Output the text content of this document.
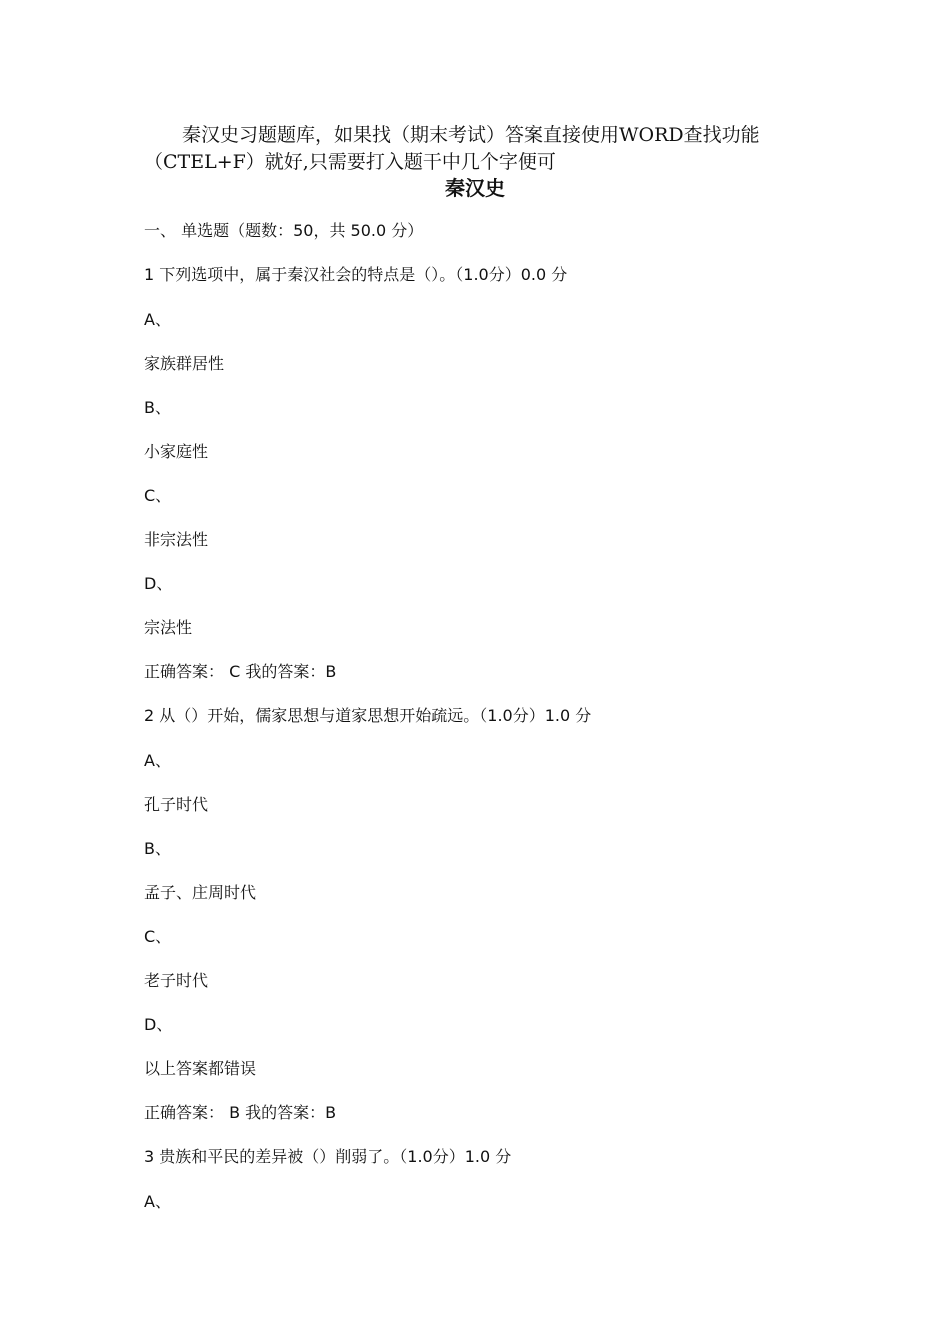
秦汉史习题题库，如果找（期末考试）答案直接使用WORD查找功能（CTEL+F）就好,只需要打入题干中几个字便可
秦汉史
一、 单选题（题数：50，共 50.0 分）
1 下列选项中，属于秦汉社会的特点是（）。（1.0分）0.0 分
A、
家族群居性
B、
小家庭性
C、
非宗法性
D、
宗法性
正确答案： C 我的答案：B
2 从（）开始，儒家思想与道家思想开始疏远。（1.0分）1.0 分
A、
孔子时代
B、
孟子、庄周时代
C、
老子时代
D、
以上答案都错误
正确答案： B 我的答案：B
3 贵族和平民的差异被（）削弱了。（1.0分）1.0 分
A、
